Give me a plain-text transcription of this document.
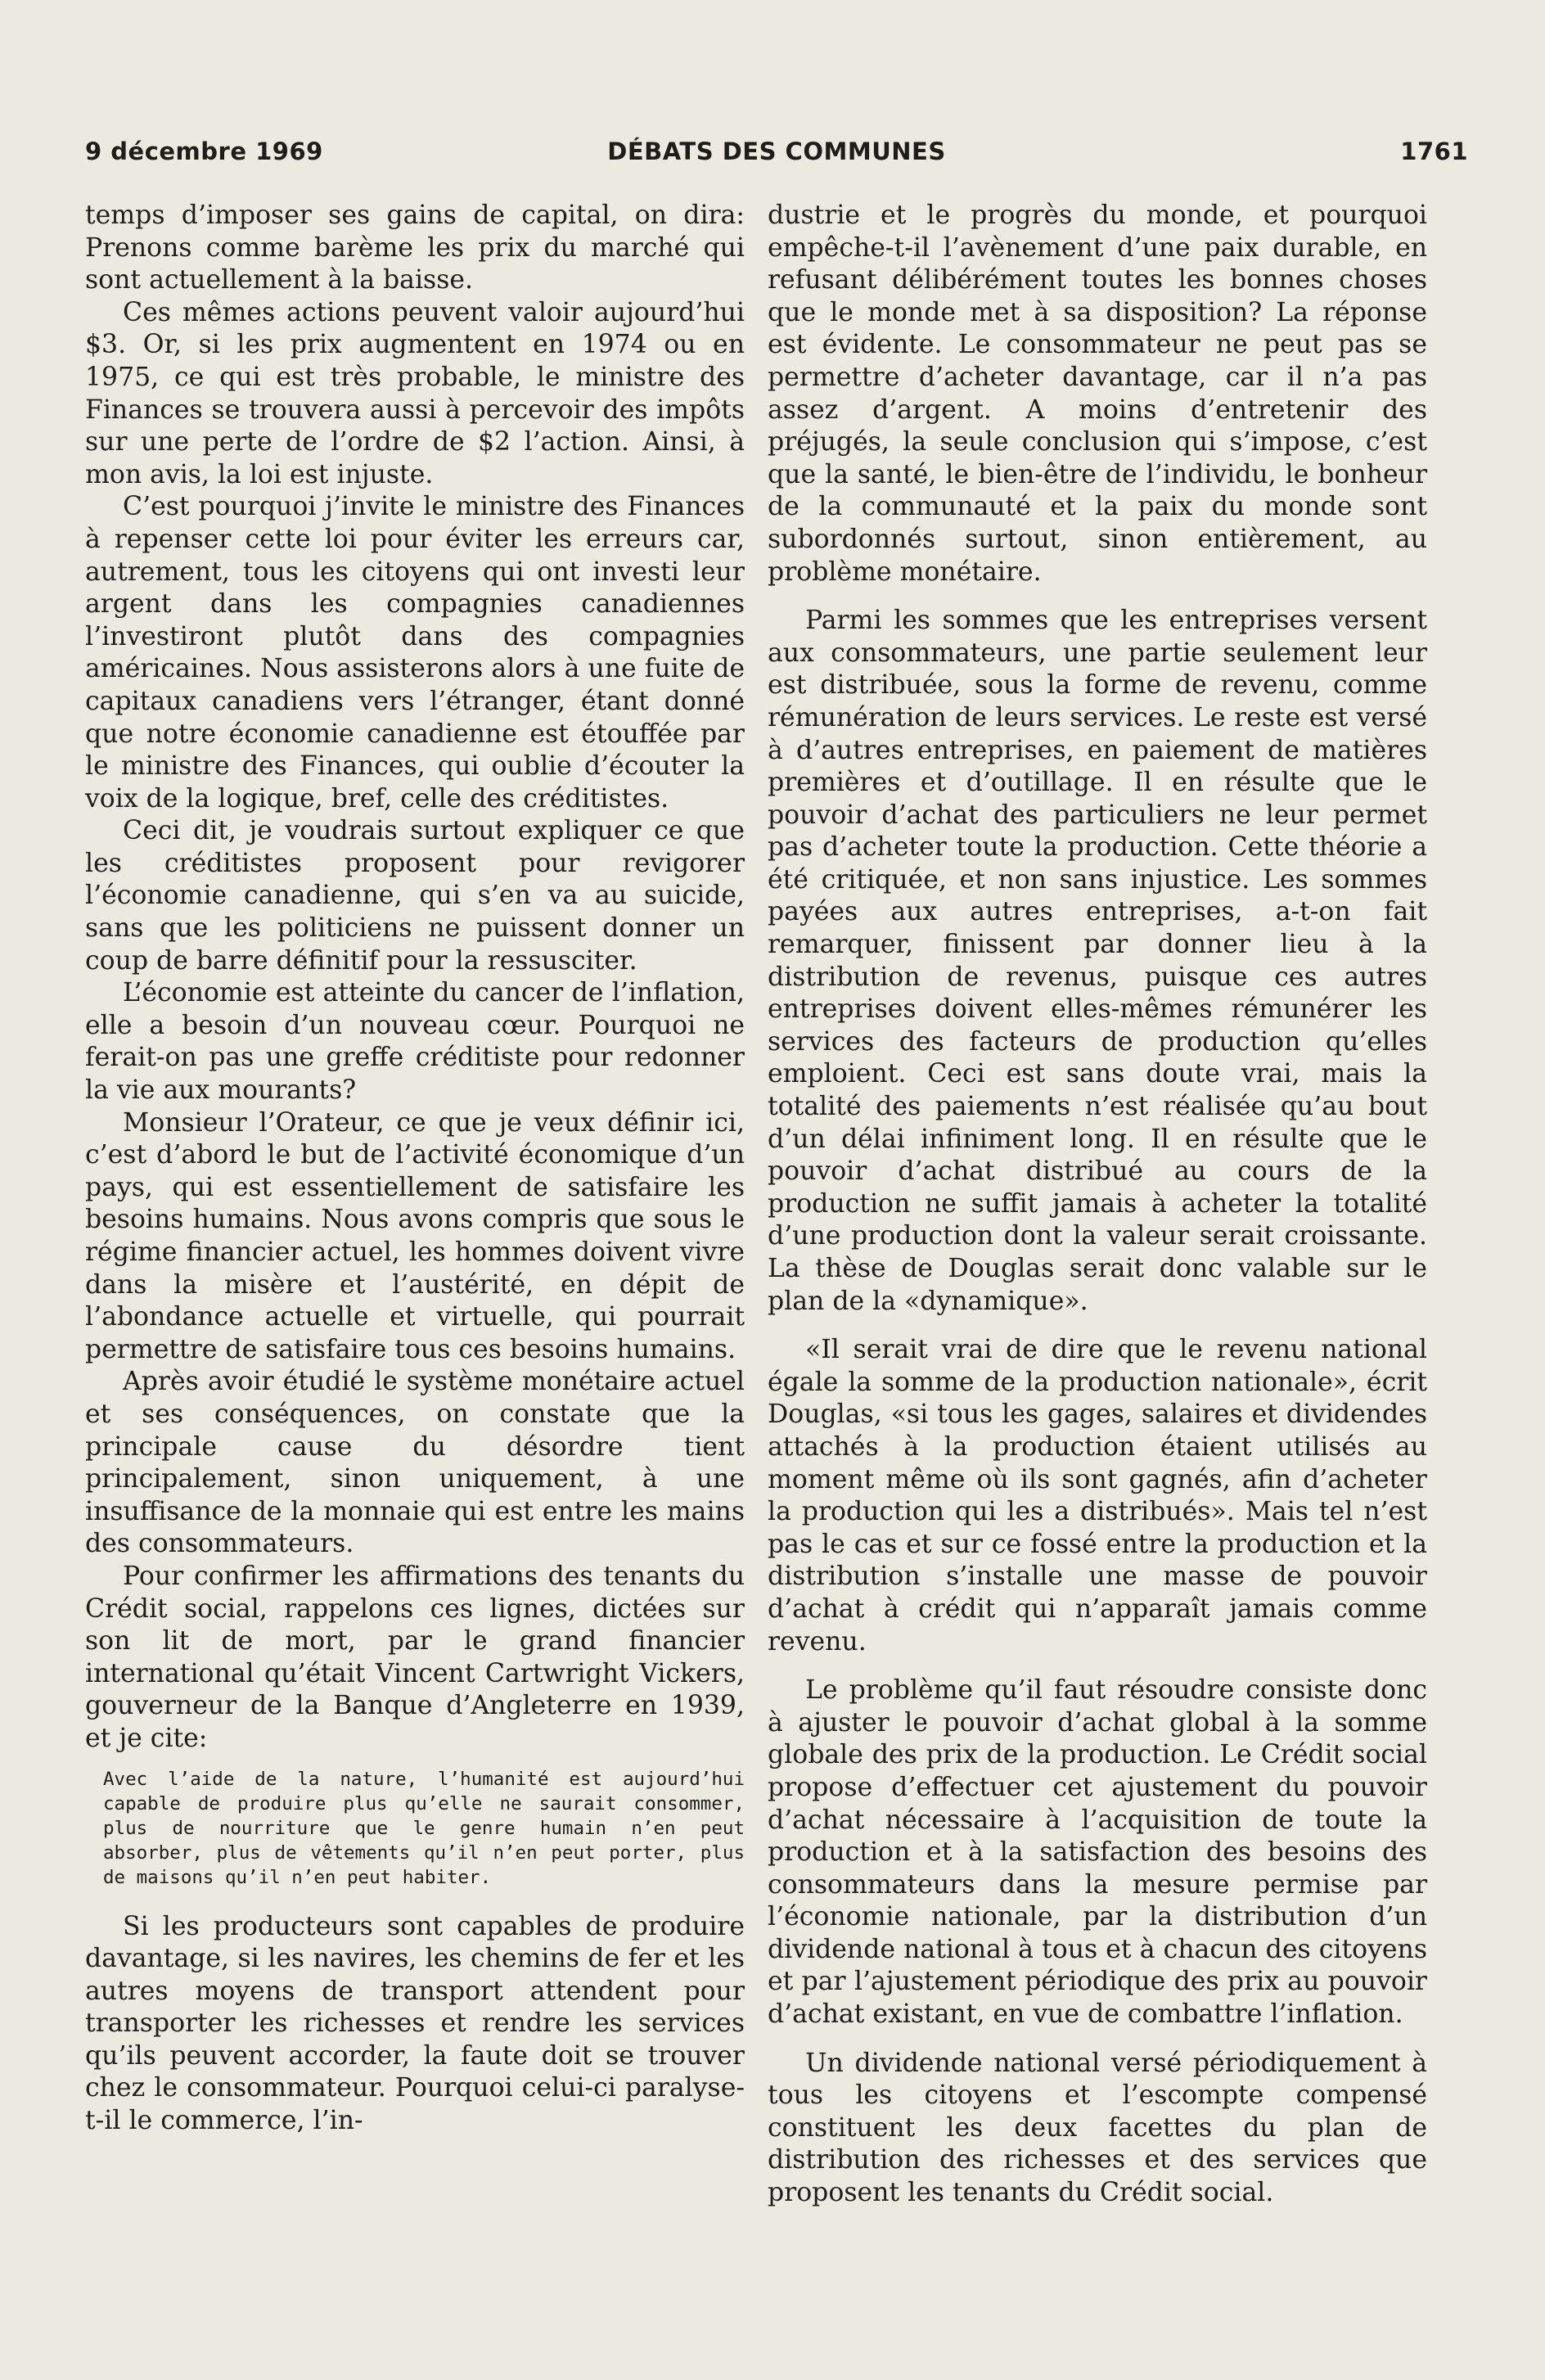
9 décembre 1969	DÉBATS DES COMMUNES	1761

temps d’imposer ses gains de capital, on dira: Prenons comme barème les prix du marché qui sont actuellement à la baisse.

Ces mêmes actions peuvent valoir aujourd’hui $3. Or, si les prix augmentent en 1974 ou en 1975, ce qui est très probable, le ministre des Finances se trouvera aussi à percevoir des impôts sur une perte de l’ordre de $2 l’action. Ainsi, à mon avis, la loi est injuste.

C’est pourquoi j’invite le ministre des Finances à repenser cette loi pour éviter les erreurs car, autrement, tous les citoyens qui ont investi leur argent dans les compagnies canadiennes l’investiront plutôt dans des compagnies américaines. Nous assisterons alors à une fuite de capitaux canadiens vers l’étranger, étant donné que notre économie canadienne est étouffée par le ministre des Finances, qui oublie d’écouter la voix de la logique, bref, celle des créditistes.

Ceci dit, je voudrais surtout expliquer ce que les créditistes proposent pour revigorer l’économie canadienne, qui s’en va au suicide, sans que les politiciens ne puissent donner un coup de barre définitif pour la ressusciter.

L’économie est atteinte du cancer de l’inflation, elle a besoin d’un nouveau cœur. Pourquoi ne ferait-on pas une greffe créditiste pour redonner la vie aux mourants?

Monsieur l’Orateur, ce que je veux définir ici, c’est d’abord le but de l’activité économique d’un pays, qui est essentiellement de satisfaire les besoins humains. Nous avons compris que sous le régime financier actuel, les hommes doivent vivre dans la misère et l’austérité, en dépit de l’abondance actuelle et virtuelle, qui pourrait permettre de satisfaire tous ces besoins humains.

Après avoir étudié le système monétaire actuel et ses conséquences, on constate que la principale cause du désordre tient principalement, sinon uniquement, à une insuffisance de la monnaie qui est entre les mains des consommateurs.

Pour confirmer les affirmations des tenants du Crédit social, rappelons ces lignes, dictées sur son lit de mort, par le grand financier international qu’était Vincent Cartwright Vickers, gouverneur de la Banque d’Angleterre en 1939, et je cite:

Avec l’aide de la nature, l’humanité est aujourd’hui capable de produire plus qu’elle ne saurait consommer, plus de nourriture que le genre humain n’en peut absorber, plus de vêtements qu’il n’en peut porter, plus de maisons qu’il n’en peut habiter.

Si les producteurs sont capables de produire davantage, si les navires, les chemins de fer et les autres moyens de transport attendent pour transporter les richesses et rendre les services qu’ils peuvent accorder, la faute doit se trouver chez le consommateur. Pourquoi celui-ci paralyse-t-il le commerce, l’in-

dustrie et le progrès du monde, et pourquoi empêche-t-il l’avènement d’une paix durable, en refusant délibérément toutes les bonnes choses que le monde met à sa disposition? La réponse est évidente. Le consommateur ne peut pas se permettre d’acheter davantage, car il n’a pas assez d’argent. A moins d’entretenir des préjugés, la seule conclusion qui s’impose, c’est que la santé, le bien-être de l’individu, le bonheur de la communauté et la paix du monde sont subordonnés surtout, sinon entièrement, au problème monétaire.

Parmi les sommes que les entreprises versent aux consommateurs, une partie seulement leur est distribuée, sous la forme de revenu, comme rémunération de leurs services. Le reste est versé à d’autres entreprises, en paiement de matières premières et d’outillage. Il en résulte que le pouvoir d’achat des particuliers ne leur permet pas d’acheter toute la production. Cette théorie a été critiquée, et non sans injustice. Les sommes payées aux autres entreprises, a-t-on fait remarquer, finissent par donner lieu à la distribution de revenus, puisque ces autres entreprises doivent elles-mêmes rémunérer les services des facteurs de production qu’elles emploient. Ceci est sans doute vrai, mais la totalité des paiements n’est réalisée qu’au bout d’un délai infiniment long. Il en résulte que le pouvoir d’achat distribué au cours de la production ne suffit jamais à acheter la totalité d’une production dont la valeur serait croissante. La thèse de Douglas serait donc valable sur le plan de la «dynamique».

«Il serait vrai de dire que le revenu national égale la somme de la production nationale», écrit Douglas, «si tous les gages, salaires et dividendes attachés à la production étaient utilisés au moment même où ils sont gagnés, afin d’acheter la production qui les a distribués». Mais tel n’est pas le cas et sur ce fossé entre la production et la distribution s’installe une masse de pouvoir d’achat à crédit qui n’apparaît jamais comme revenu.

Le problème qu’il faut résoudre consiste donc à ajuster le pouvoir d’achat global à la somme globale des prix de la production. Le Crédit social propose d’effectuer cet ajustement du pouvoir d’achat nécessaire à l’acquisition de toute la production et à la satisfaction des besoins des consommateurs dans la mesure permise par l’économie nationale, par la distribution d’un dividende national à tous et à chacun des citoyens et par l’ajustement périodique des prix au pouvoir d’achat existant, en vue de combattre l’inflation.

Un dividende national versé périodiquement à tous les citoyens et l’escompte compensé constituent les deux facettes du plan de distribution des richesses et des services que proposent les tenants du Crédit social.
